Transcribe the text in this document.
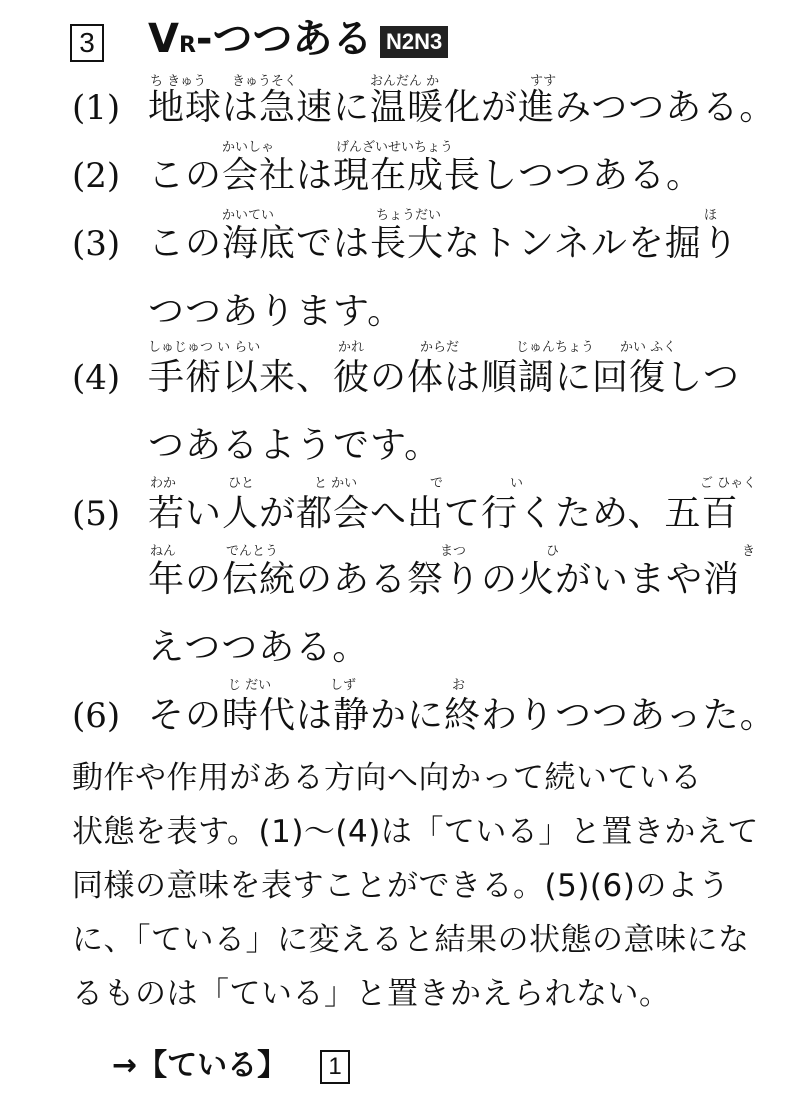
3 VR-つつある N2N3
ち きゅう きゅうそく	おんだん か	すす
(1) 地球は急速に温暖化が進みつつある。
かいしゃ	げんざいせいちょう
(2) この会社は現在成長しつつある。
かいてい	ちょうだい	ほ
(3) この海底では長大なトンネルを掘り
つつあります。
しゅじゅつ い らい	かれ	からだ	じゅんちょう かい ふく
(4) 手術以来、彼の体は順調に回復しつ
つあるようです。
わか	ひと	と かい	で	い	ご ひゃく
(5) 若い人が都会へ出て行くため、五百
ねん	でんとう	まつ	ひ	き
年の伝統のある祭りの火がいまや消
えつつある。
じ だい	しず	お
(6) その時代は静かに終わりつつあった。
動作や作用がある方向へ向かって続いている
状態を表す。(1)～(4)は「ている」と置きかえて
同様の意味を表すことができる。(5)(6)のよう
に、「ている」に変えると結果の状態の意味にな
るものは「ている」と置きかえられない。
→【ている】	1
